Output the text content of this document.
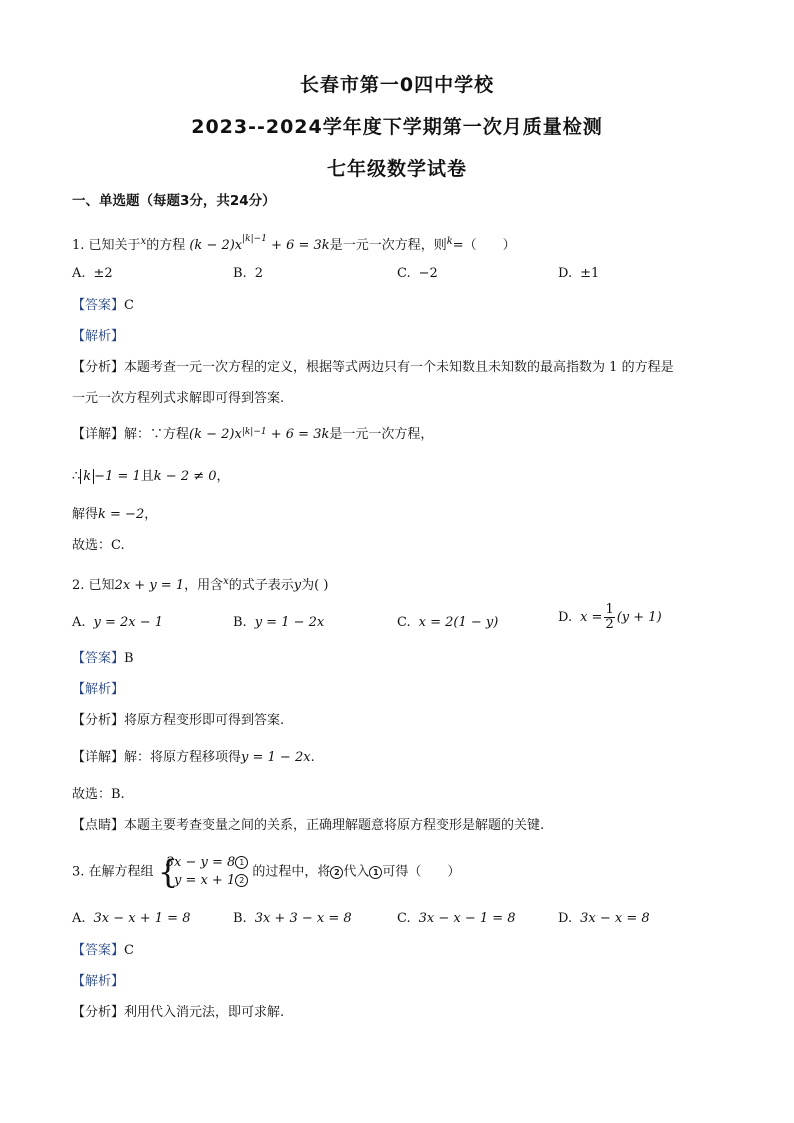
长春市第一0四中学校
2023--2024学年度下学期第一次月质量检测
七年级数学试卷
一、单选题（每题3分，共24分）
1. 已知关于$^x$的方程 $(k - 2)x^{|k|-1} + 6 = 3k$是一元一次方程，则$^k$=（　　）
A. ±2	B. 2	C. −2	D. ±1
【答案】C
【解析】
【分析】本题考查一元一次方程的定义，根据等式两边只有一个未知数且未知数的最高指数为 1 的方程是
一元一次方程列式求解即可得到答案.
【详解】解：∵方程$(k - 2)x^{|k|-1} + 6 = 3k$是一元一次方程，
∴ k −1 = 1且k − 2 ≠ 0，
解得k = −2，
故选：C.
2. 已知2x + y = 1，用含$^x$的式子表示y为( )
A. y = 2x − 1	B. y = 1 − 2x	C. x = 2(1 − y)	D. $x = \frac{1}{2} (y + 1)$
【答案】B
【解析】
【分析】将原方程变形即可得到答案.
【详解】解：将原方程移项得y = 1 − 2x.
故选：B.
【点睛】本题主要考查变量之间的关系，正确理解题意将原方程变形是解题的关键.
3. 在解方程组 {
3x − y = 8 1
y = x + 1 2
的过程中，将 2 代入 1 可得（　　）
A. 3x − x + 1 = 8	B. 3x + 3 − x = 8	C. 3x − x − 1 = 8	D. 3x − x = 8
【答案】C
【解析】
【分析】利用代入消元法，即可求解.
